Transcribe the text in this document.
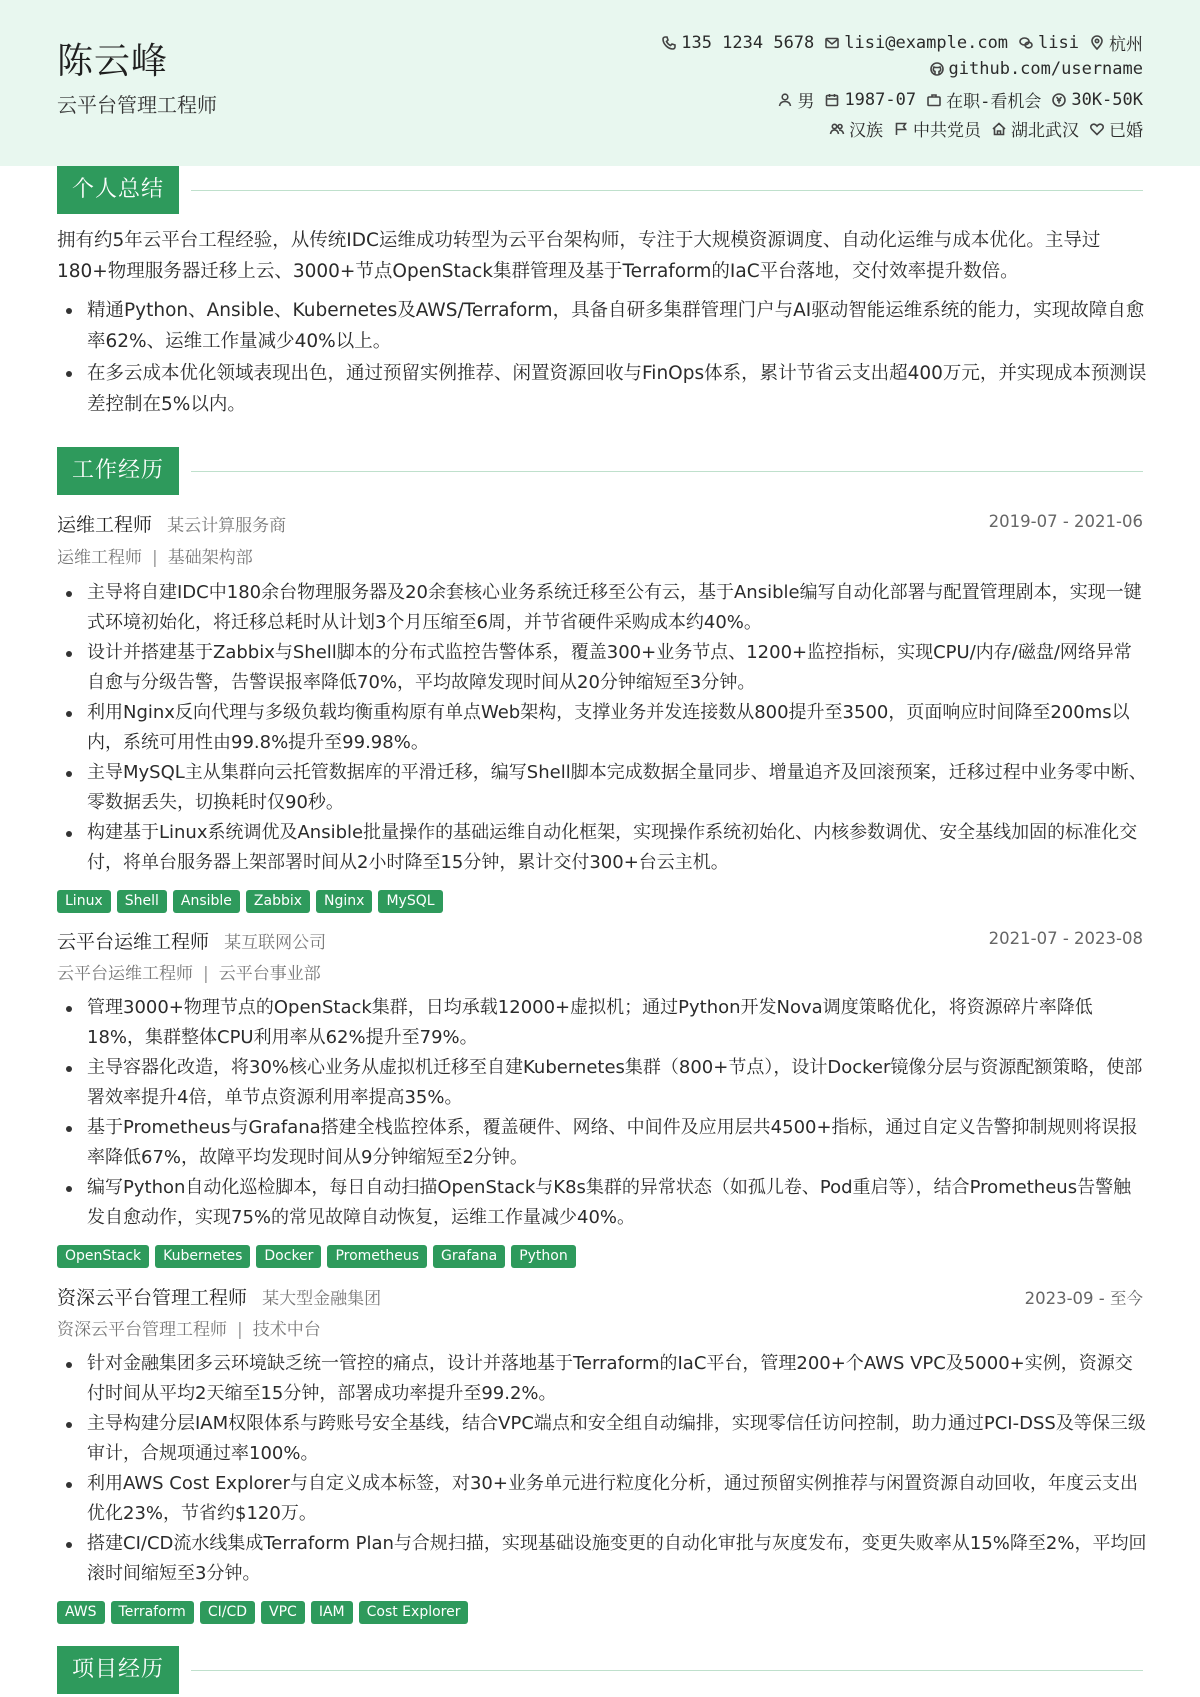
陈云峰
云平台管理工程师
135 1234 5678 lisi@example.com lisi 杭州
github.com/username
男 1987-07 在职-看机会 30K-50K
汉族 中共党员 湖北武汉 已婚
个人总结
拥有约5年云平台工程经验，从传统IDC运维成功转型为云平台架构师，专注于大规模资源调度、自动化运维与成本优化。主导过180+物理服务器迁移上云、3000+节点OpenStack集群管理及基于Terraform的IaC平台落地，交付效率提升数倍。
精通Python、Ansible、Kubernetes及AWS/Terraform，具备自研多集群管理门户与AI驱动智能运维系统的能力，实现故障自愈率62%、运维工作量减少40%以上。
在多云成本优化领域表现出色，通过预留实例推荐、闲置资源回收与FinOps体系，累计节省云支出超400万元，并实现成本预测误差控制在5%以内。
工作经历
运维工程师 某云计算服务商	2019-07 - 2021-06
运维工程师 | 基础架构部
主导将自建IDC中180余台物理服务器及20余套核心业务系统迁移至公有云，基于Ansible编写自动化部署与配置管理剧本，实现一键式环境初始化，将迁移总耗时从计划3个月压缩至6周，并节省硬件采购成本约40%。
设计并搭建基于Zabbix与Shell脚本的分布式监控告警体系，覆盖300+业务节点、1200+监控指标，实现CPU/内存/磁盘/网络异常自愈与分级告警，告警误报率降低70%，平均故障发现时间从20分钟缩短至3分钟。
利用Nginx反向代理与多级负载均衡重构原有单点Web架构，支撑业务并发连接数从800提升至3500，页面响应时间降至200ms以内，系统可用性由99.8%提升至99.98%。
主导MySQL主从集群向云托管数据库的平滑迁移，编写Shell脚本完成数据全量同步、增量追齐及回滚预案，迁移过程中业务零中断、零数据丢失，切换耗时仅90秒。
构建基于Linux系统调优及Ansible批量操作的基础运维自动化框架，实现操作系统初始化、内核参数调优、安全基线加固的标准化交付，将单台服务器上架部署时间从2小时降至15分钟，累计交付300+台云主机。
Linux	Shell	Ansible	Zabbix	Nginx	MySQL
云平台运维工程师 某互联网公司	2021-07 - 2023-08
云平台运维工程师 | 云平台事业部
管理3000+物理节点的OpenStack集群，日均承载12000+虚拟机；通过Python开发Nova调度策略优化，将资源碎片率降低18%，集群整体CPU利用率从62%提升至79%。
主导容器化改造，将30%核心业务从虚拟机迁移至自建Kubernetes集群（800+节点），设计Docker镜像分层与资源配额策略，使部署效率提升4倍，单节点资源利用率提高35%。
基于Prometheus与Grafana搭建全栈监控体系，覆盖硬件、网络、中间件及应用层共4500+指标，通过自定义告警抑制规则将误报率降低67%，故障平均发现时间从9分钟缩短至2分钟。
编写Python自动化巡检脚本，每日自动扫描OpenStack与K8s集群的异常状态（如孤儿卷、Pod重启等），结合Prometheus告警触发自愈动作，实现75%的常见故障自动恢复，运维工作量减少40%。
OpenStack	Kubernetes	Docker	Prometheus	Grafana	Python
资深云平台管理工程师 某大型金融集团	2023-09 - 至今
资深云平台管理工程师 | 技术中台
针对金融集团多云环境缺乏统一管控的痛点，设计并落地基于Terraform的IaC平台，管理200+个AWS VPC及5000+实例，资源交付时间从平均2天缩至15分钟，部署成功率提升至99.2%。
主导构建分层IAM权限体系与跨账号安全基线，结合VPC端点和安全组自动编排，实现零信任访问控制，助力通过PCI-DSS及等保三级审计，合规项通过率100%。
利用AWS Cost Explorer与自定义成本标签，对30+业务单元进行粒度化分析，通过预留实例推荐与闲置资源自动回收，年度云支出优化23%，节省约$120万。
搭建CI/CD流水线集成Terraform Plan与合规扫描，实现基础设施变更的自动化审批与灰度发布，变更失败率从15%降至2%，平均回滚时间缩短至3分钟。
AWS	Terraform	CI/CD	VPC	IAM	Cost Explorer
项目经历
